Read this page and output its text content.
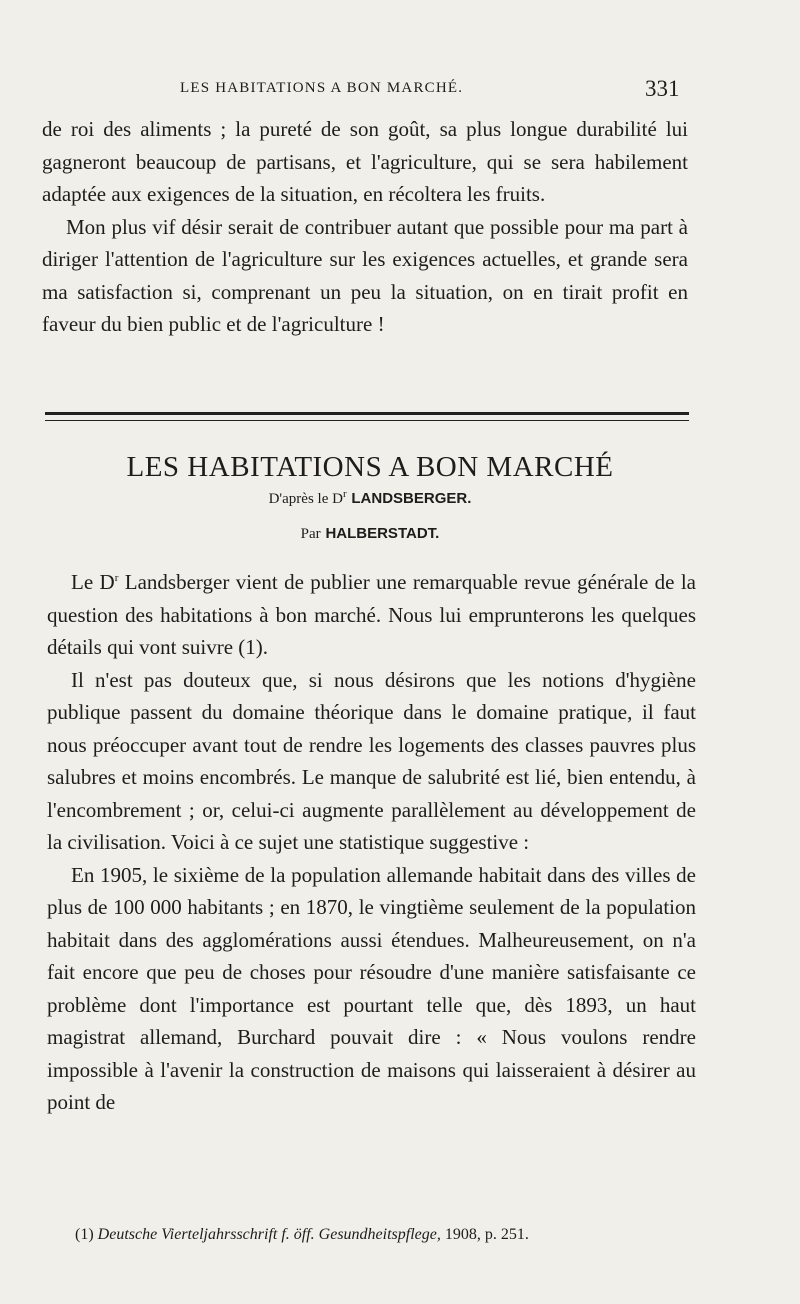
LES HABITATIONS A BON MARCHÉ.	331

de roi des aliments ; la pureté de son goût, sa plus longue durabilité lui gagneront beaucoup de partisans, et l'agriculture, qui se sera habilement adaptée aux exigences de la situation, en récoltera les fruits.

Mon plus vif désir serait de contribuer autant que possible pour ma part à diriger l'attention de l'agriculture sur les exigences actuelles, et grande sera ma satisfaction si, comprenant un peu la situation, on en tirait profit en faveur du bien public et de l'agriculture !

LES HABITATIONS A BON MARCHÉ
D'après le $D^r$ LANDSBERGER.
Par HALBERSTADT.

Le $D^r$ Landsberger vient de publier une remarquable revue générale de la question des habitations à bon marché. Nous lui emprunterons les quelques détails qui vont suivre (1).

Il n'est pas douteux que, si nous désirons que les notions d'hygiène publique passent du domaine théorique dans le domaine pratique, il faut nous préoccuper avant tout de rendre les logements des classes pauvres plus salubres et moins encombrés. Le manque de salubrité est lié, bien entendu, à l'encombrement ; or, celui-ci augmente parallèlement au développement de la civilisation. Voici à ce sujet une statistique suggestive :

En 1905, le sixième de la population allemande habitait dans des villes de plus de 100 000 habitants ; en 1870, le vingtième seulement de la population habitait dans des agglomérations aussi étendues. Malheureusement, on n'a fait encore que peu de choses pour résoudre d'une manière satisfaisante ce problème dont l'importance est pourtant telle que, dès 1893, un haut magistrat allemand, Burchard pouvait dire : « Nous voulons rendre impossible à l'avenir la construction de maisons qui laisseraient à désirer au point de

(1) Deutsche Vierteljahrsschrift f. öff. Gesundheitspflege, 1908, p. 251.
